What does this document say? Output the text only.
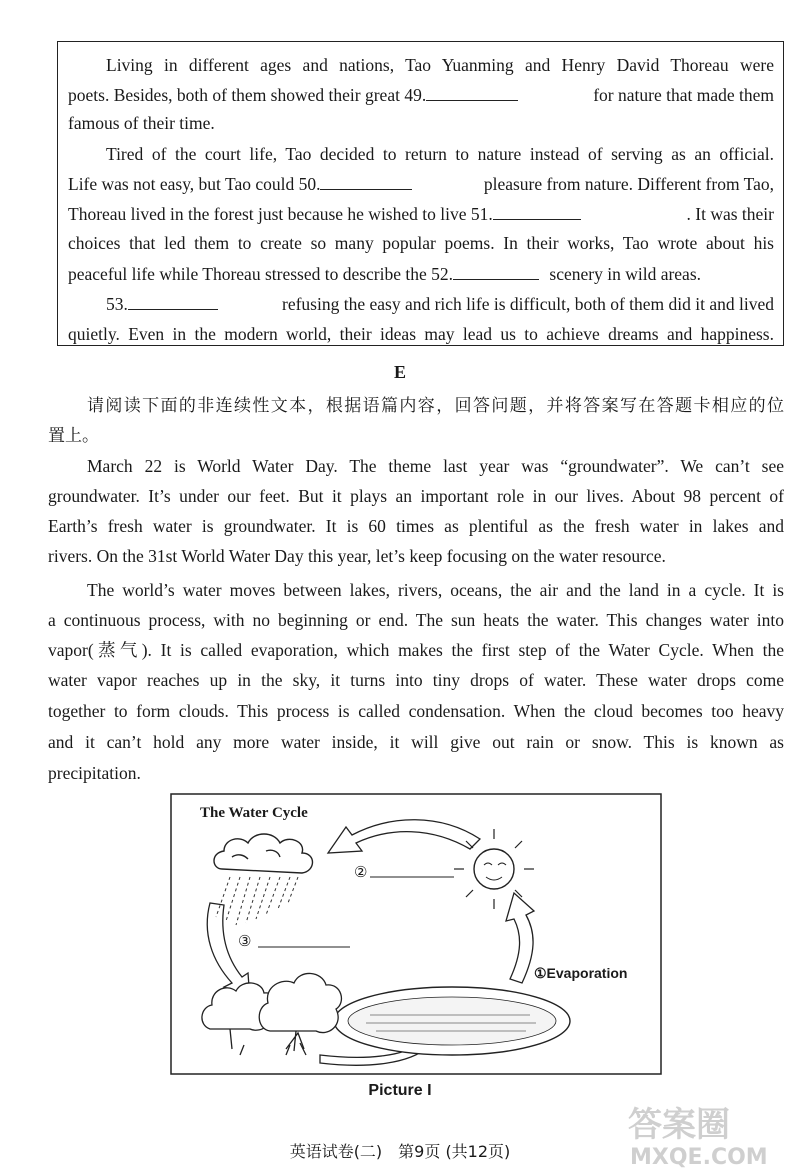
Living in different ages and nations, Tao Yuanming and Henry David Thoreau were
poets. Besides, both of them showed their great 49.	for nature that made them
famous of their time.
Tired of the court life, Tao decided to return to nature instead of serving as an official.
Life was not easy, but Tao could 50.	pleasure from nature. Different from Tao,
Thoreau lived in the forest just because he wished to live 51.	. It was their
choices that led them to create so many popular poems. In their works, Tao wrote about his
peaceful life while Thoreau stressed to describe the 52.	scenery in wild areas.
53.	refusing the easy and rich life is difficult, both of them did it and lived
quietly. Even in the modern world, their ideas may lead us to achieve dreams and happiness.
E
请阅读下面的非连续性文本，根据语篇内容，回答问题，并将答案写在答题卡相应的位
置上。
March 22 is World Water Day. The theme last year was “groundwater”. We can’t see
groundwater. It’s under our feet. But it plays an important role in our lives. About 98 percent of
Earth’s fresh water is groundwater. It is 60 times as plentiful as the fresh water in lakes and
rivers. On the 31st World Water Day this year, let’s keep focusing on the water resource.
The world’s water moves between lakes, rivers, oceans, the air and the land in a cycle. It is
a continuous process, with no beginning or end. The sun heats the water. This changes water into
vapor(蒸气). It is called evaporation, which makes the first step of the Water Cycle. When the
water vapor reaches up in the sky, it turns into tiny drops of water. These water drops come
together to form clouds. This process is called condensation. When the cloud becomes too heavy
and it can’t hold any more water inside, it will give out rain or snow. This is known as
precipitation.
The Water Cycle
②
③
①Evaporation
Picture I
英语试卷(二)　第9页 (共12页)
答案圈
MXQE.COM
